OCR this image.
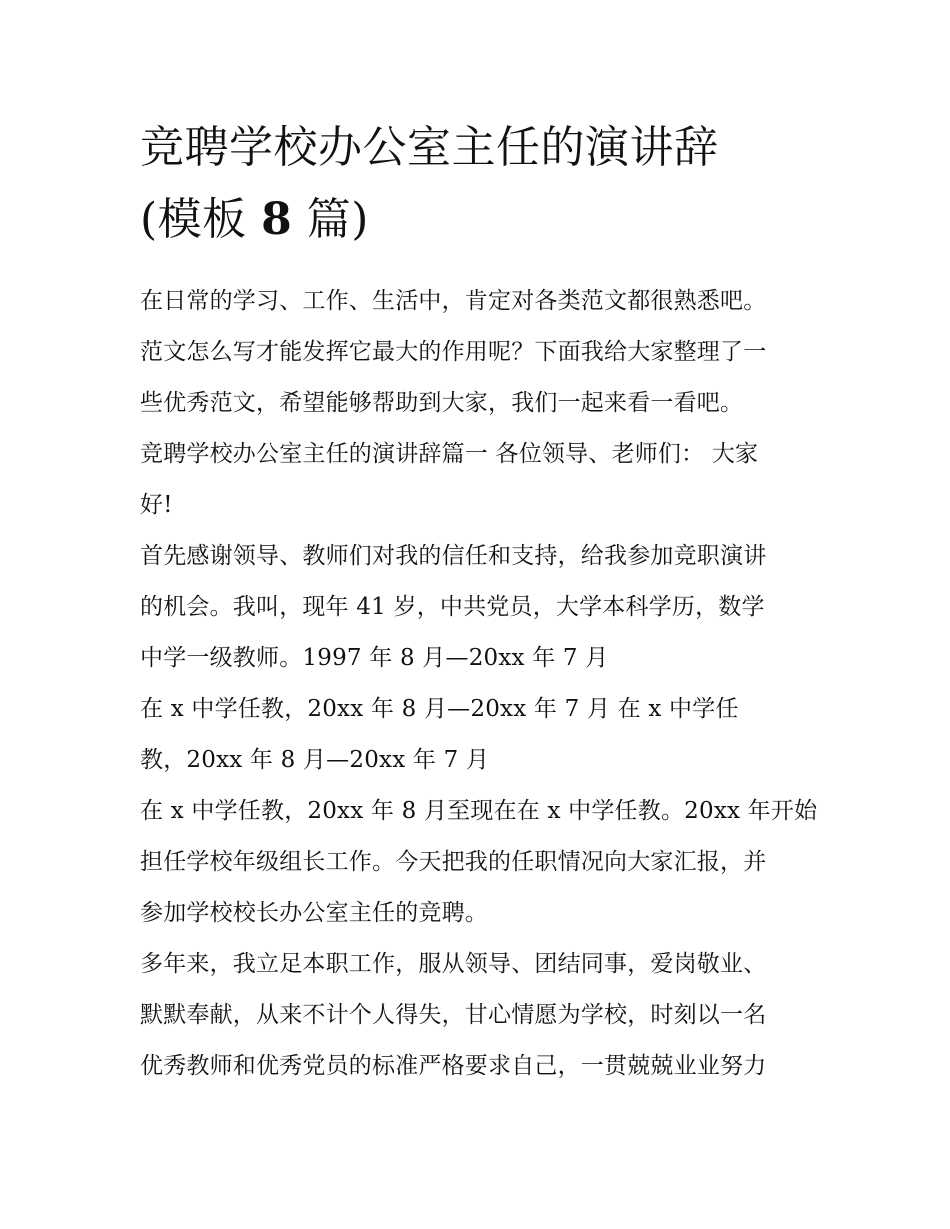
竞聘学校办公室主任的演讲辞
(模板 8 篇)
在日常的学习、工作、生活中，肯定对各类范文都很熟悉吧。
范文怎么写才能发挥它最大的作用呢？下面我给大家整理了一
些优秀范文，希望能够帮助到大家，我们一起来看一看吧。
竞聘学校办公室主任的演讲辞篇一 各位领导、老师们： 大家
好!
首先感谢领导、教师们对我的信任和支持，给我参加竞职演讲
的机会。我叫，现年 41 岁，中共党员，大学本科学历，数学
中学一级教师。1997 年 8 月—20xx 年 7 月
在 x 中学任教，20xx 年 8 月—20xx 年 7 月 在 x 中学任
教，20xx 年 8 月—20xx 年 7 月
在 x 中学任教，20xx 年 8 月至现在在 x 中学任教。20xx 年开始
担任学校年级组长工作。今天把我的任职情况向大家汇报，并
参加学校校长办公室主任的竞聘。
多年来，我立足本职工作，服从领导、团结同事，爱岗敬业、
默默奉献，从来不计个人得失，甘心情愿为学校，时刻以一名
优秀教师和优秀党员的标准严格要求自己，一贯兢兢业业努力
